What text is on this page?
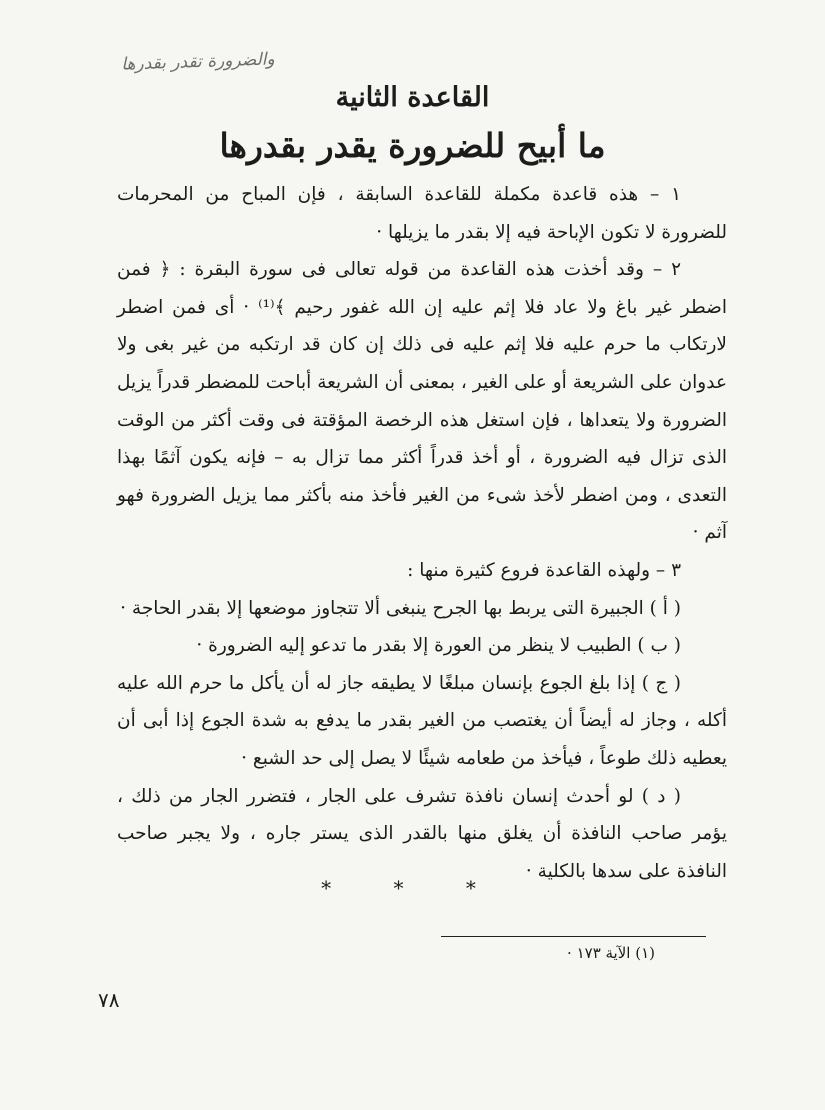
والضرورة تقدر بقدرها
القاعدة الثانية
ما أبيح للضرورة يقدر بقدرها

١ – هذه قاعدة مكملة للقاعدة السابقة ، فإن المباح من المحرمات للضرورة لا تكون الإباحة فيه إلا بقدر ما يزيلها ·

٢ – وقد أخذت هذه القاعدة من قوله تعالى فى سورة البقرة : ﴿ فمن اضطر غير باغ ولا عاد فلا إثم عليه إن الله غفور رحيم ﴾⁽¹⁾ · أى فمن اضطر لارتكاب ما حرم عليه فلا إثم عليه فى ذلك إن كان قد ارتكبه من غير بغى ولا عدوان على الشريعة أو على الغير ، بمعنى أن الشريعة أباحت للمضطر قدراً يزيل الضرورة ولا يتعداها ، فإن استغل هذه الرخصة المؤقتة فى وقت أكثر من الوقت الذى تزال فيه الضرورة ، أو أخذ قدراً أكثر مما تزال به – فإنه يكون آثمًا بهذا التعدى ، ومن اضطر لأخذ شىء من الغير فأخذ منه بأكثر مما يزيل الضرورة فهو آثم ·

٣ – ولهذه القاعدة فروع كثيرة منها :

( أ ) الجبيرة التى يربط بها الجرح ينبغى ألا تتجاوز موضعها إلا بقدر الحاجة ·

( ب ) الطبيب لا ينظر من العورة إلا بقدر ما تدعو إليه الضرورة ·

( ج ) إذا بلغ الجوع بإنسان مبلغًا لا يطيقه جاز له أن يأكل ما حرم الله عليه أكله ، وجاز له أيضاً أن يغتصب من الغير بقدر ما يدفع به شدة الجوع إذا أبى أن يعطيه ذلك طوعاً ، فيأخذ من طعامه شيئًا لا يصل إلى حد الشبع ·

( د ) لو أحدث إنسان نافذة تشرف على الجار ، فتضرر الجار من ذلك ، يؤمر صاحب النافذة أن يغلق منها بالقدر الذى يستر جاره ، ولا يجبر صاحب النافذة على سدها بالكلية ·

* * *
(١) الآية ١٧٣ ·
٧٨
